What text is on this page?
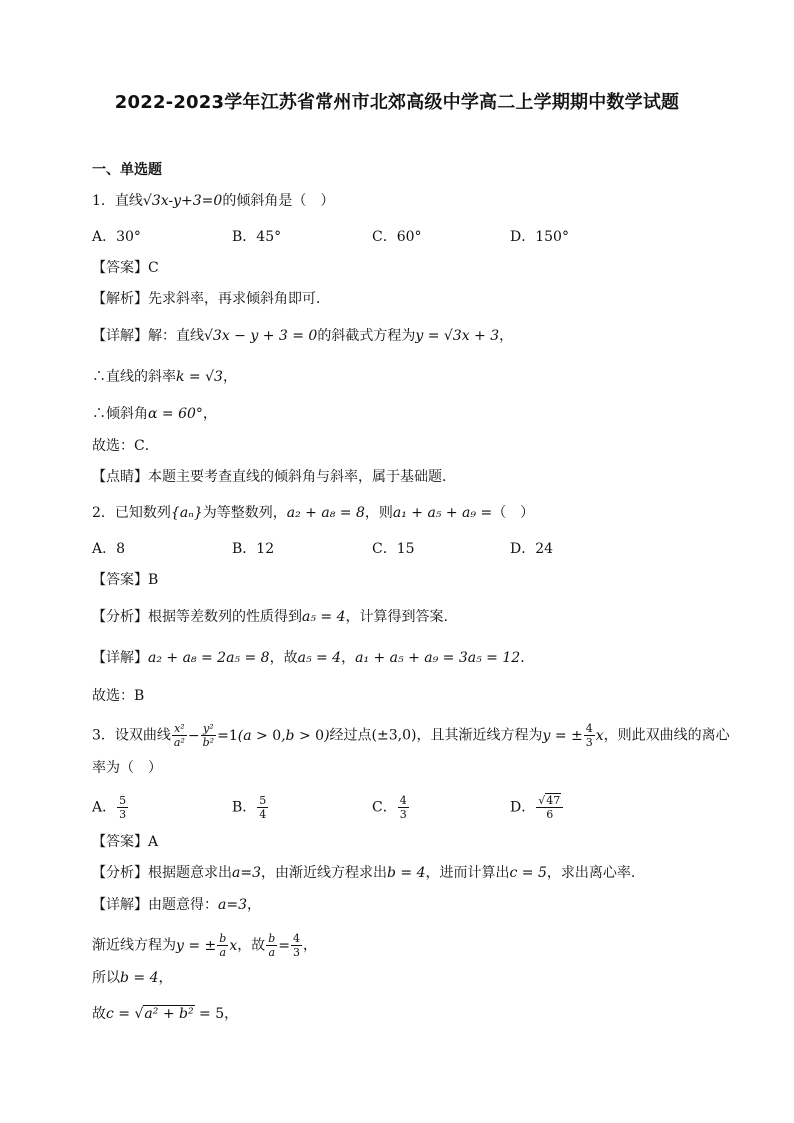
2022-2023学年江苏省常州市北郊高级中学高二上学期期中数学试题
一、单选题
1．直线√3x-y+3=0的倾斜角是（　）
A．30°	B．45°	C．60°	D．150°
【答案】C
【解析】先求斜率，再求倾斜角即可．
【详解】解：直线√3x − y + 3 = 0的斜截式方程为y = √3x + 3，
∴直线的斜率k = √3，
∴倾斜角α = 60°，
故选：C．
【点睛】本题主要考查直线的倾斜角与斜率，属于基础题．
2．已知数列{aₙ}为等整数列，a₂ + a₈ = 8，则a₁ + a₅ + a₉ =（　）
A．8	B．12	C．15	D．24
【答案】B
【分析】根据等差数列的性质得到a₅ = 4，计算得到答案.
【详解】a₂ + a₈ = 2a₅ = 8，故a₅ = 4，a₁ + a₅ + a₉ = 3a₅ = 12.
故选：B
3．设双曲线 $\frac{\text{x²}}{\text{a²}} - \frac{\text{y²}}{\text{b²}} =1(a > 0,b > 0)$经过点(±3,0)，且其渐近线方程为y = ± $\frac{4}{3}$ x，则此双曲线的离心
率为（　）
A． $\frac{5}{3}$	B． $\frac{5}{4}$	C． $\frac{4}{3}$	D． $\frac{√47}{6}$
【答案】A
【分析】根据题意求出a=3，由渐近线方程求出b = 4，进而计算出c = 5，求出离心率.
【详解】由题意得：a=3，
渐近线方程为y = ± $\frac{b}{a}$ x，故 $\frac{b}{a} = \frac{4}{3}$ ，
所以b = 4，
故c = √a² + b² = 5，
